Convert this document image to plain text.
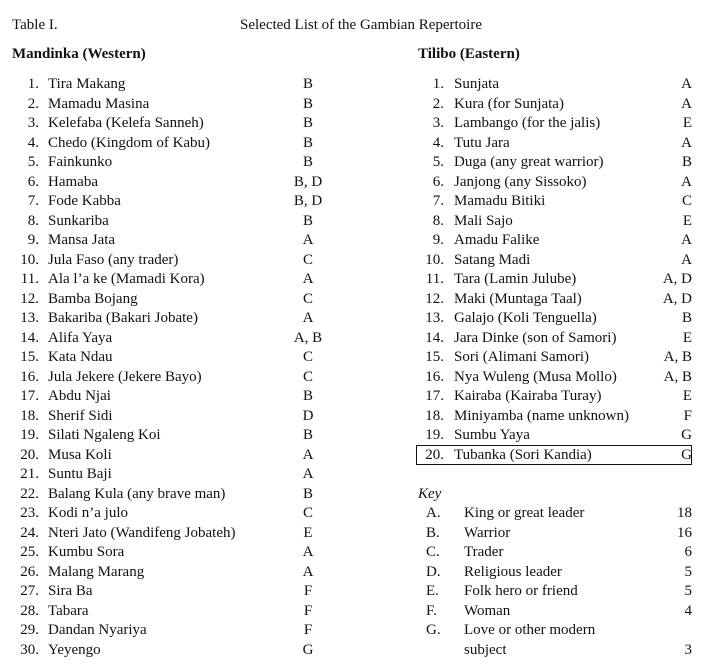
Table I.	Selected List of the Gambian Repertoire
Mandinka (Western)
1. Tira Makang	B
2. Mamadu Masina	B
3. Kelefaba (Kelefa Sanneh)	B
4. Chedo (Kingdom of Kabu)	B
5. Fainkunko	B
6. Hamaba	B, D
7. Fode Kabba	B, D
8. Sunkariba	B
9. Mansa Jata	A
10. Jula Faso (any trader)	C
11. Ala l’a ke (Mamadi Kora)	A
12. Bamba Bojang	C
13. Bakariba (Bakari Jobate)	A
14. Alifa Yaya	A, B
15. Kata Ndau	C
16. Jula Jekere (Jekere Bayo)	C
17. Abdu Njai	B
18. Sherif Sidi	D
19. Silati Ngaleng Koi	B
20. Musa Koli	A
21. Suntu Baji	A
22. Balang Kula (any brave man)	B
23. Kodi n’a julo	C
24. Nteri Jato (Wandifeng Jobateh)	E
25. Kumbu Sora	A
26. Malang Marang	A
27. Sira Ba	F
28. Tabara	F
29. Dandan Nyariya	F
30. Yeyengo	G
Tilibo (Eastern)
1. Sunjata	A
2. Kura (for Sunjata)	A
3. Lambango (for the jalis)	E
4. Tutu Jara	A
5. Duga (any great warrior)	B
6. Janjong (any Sissoko)	A
7. Mamadu Bitiki	C
8. Mali Sajo	E
9. Amadu Falike	A
10. Satang Madi	A
11. Tara (Lamin Julube)	A, D
12. Maki (Muntaga Taal)	A, D
13. Galajo (Koli Tenguella)	B
14. Jara Dinke (son of Samori)	E
15. Sori (Alimani Samori)	A, B
16. Nya Wuleng (Musa Mollo)	A, B
17. Kairaba (Kairaba Turay)	E
18. Miniyamba (name unknown)	F
19. Sumbu Yaya	G
20. Tubanka (Sori Kandia)	G
Key
A. King or great leader	18
B. Warrior	16
C. Trader	6
D. Religious leader	5
E. Folk hero or friend	5
F. Woman	4
G. Love or other modern subject	3
